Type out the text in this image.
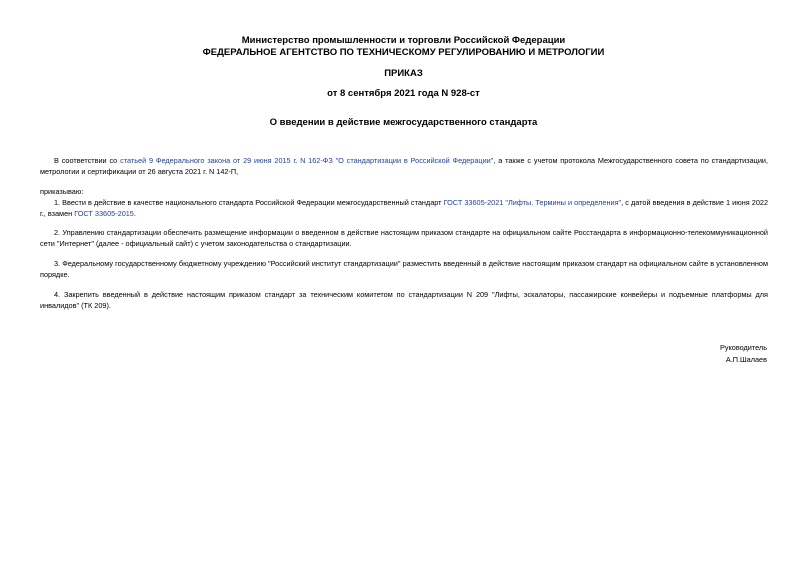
Министерство промышленности и торговли Российской Федерации
ФЕДЕРАЛЬНОЕ АГЕНТСТВО ПО ТЕХНИЧЕСКОМУ РЕГУЛИРОВАНИЮ И МЕТРОЛОГИИ
ПРИКАЗ
от 8 сентября 2021 года N 928-ст
О введении в действие межгосударственного стандарта
В соответствии со статьей 9 Федерального закона от 29 июня 2015 г. N 162-ФЗ "О стандартизации в Российской Федерации", а также с учетом протокола Межгосударственного совета по стандартизации, метрологии и сертификации от 26 августа 2021 г. N 142-П,
приказываю:
1. Ввести в действие в качестве национального стандарта Российской Федерации межгосударственный стандарт ГОСТ 33605-2021 "Лифты. Термины и определения", с датой введения в действие 1 июня 2022 г., взамен ГОСТ 33605-2015.
2. Управлению стандартизации обеспечить размещение информации о введенном в действие настоящим приказом стандарте на официальном сайте Росстандарта в информационно-телекоммуникационной сети "Интернет" (далее - официальный сайт) с учетом законодательства о стандартизации.
3. Федеральному государственному бюджетному учреждению "Российский институт стандартизации" разместить введенный в действие настоящим приказом стандарт на официальном сайте в установленном порядке.
4. Закрепить введенный в действие настоящим приказом стандарт за техническим комитетом по стандартизации N 209 "Лифты, эскалаторы, пассажирские конвейеры и подъемные платформы для инвалидов" (ТК 209).
Руководитель
А.П.Шалаев
